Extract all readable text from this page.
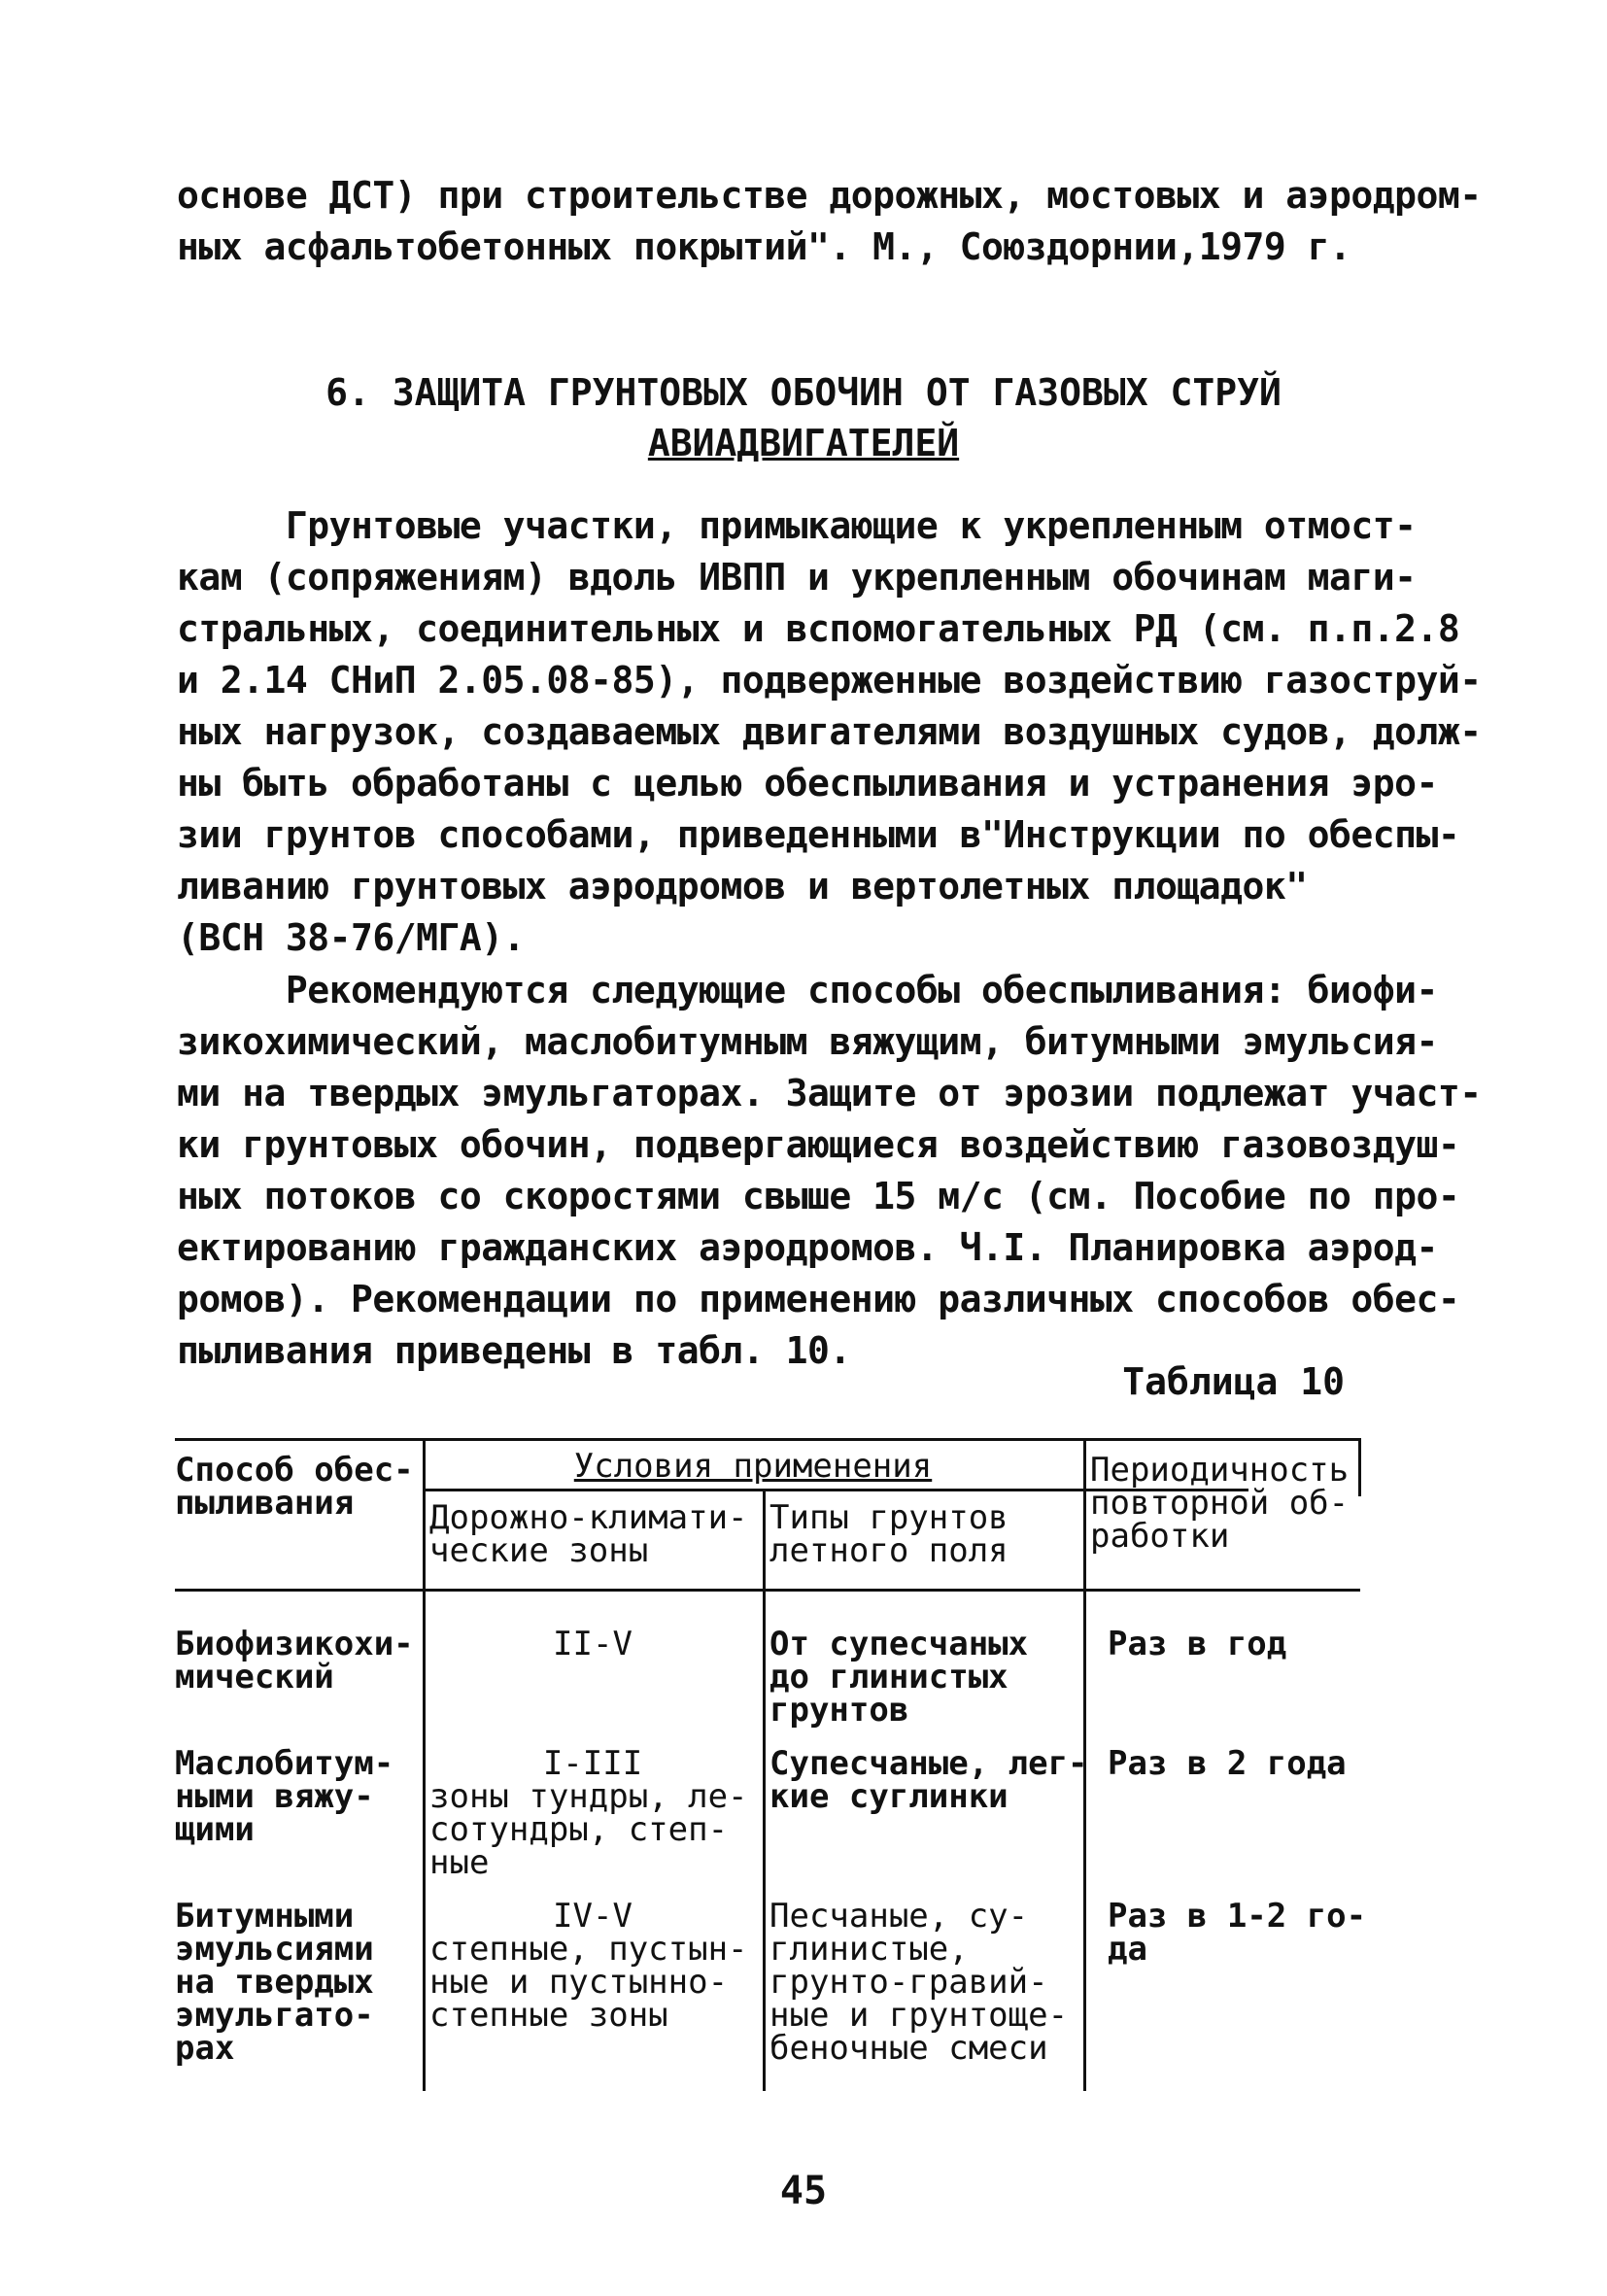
основе ДСТ) при строительстве дорожных, мостовых и аэродром-
ных асфальтобетонных покрытий". М., Союздорнии,1979 г.
6. ЗАЩИТА ГРУНТОВЫХ ОБОЧИН ОТ ГАЗОВЫХ СТРУЙ
АВИАДВИГАТЕЛЕЙ
Грунтовые участки, примыкающие к укрепленным отмост-
кам (сопряжениям) вдоль ИВПП и укрепленным обочинам маги-
стральных, соединительных и вспомогательных РД (см. п.п.2.8
и 2.14 СНиП 2.05.08-85), подверженные воздействию газоструй-
ных нагрузок, создаваемых двигателями воздушных судов, долж-
ны быть обработаны с целью обеспыливания и устранения эро-
зии грунтов способами, приведенными в"Инструкции по обеспы-
ливанию грунтовых аэродромов и вертолетных площадок"
(ВСН 38-76/МГА).
Рекомендуются следующие способы обеспыливания: биофи-
зикохимический, маслобитумным вяжущим, битумными эмульсия-
ми на твердых эмульгаторах. Защите от эрозии подлежат участ-
ки грунтовых обочин, подвергающиеся воздействию газовоздуш-
ных потоков со скоростями свыше 15 м/с (см. Пособие по про-
ектированию гражданских аэродромов. Ч.I. Планировка аэрод-
ромов). Рекомендации по применению различных способов обес-
пыливания приведены в табл. 10.
Таблица 10
Способ обес-
пыливания
Условия применения
Дорожно-климати-
ческие зоны
Типы грунтов
летного поля
Периодичность
повторной об-
работки
Биофизикохи-
мический
II-V	От супесчаных
до глинистых
грунтов
Раз в год
Маслобитум-
ными вяжу-
щими
I-III
зоны тундры, ле-
сотундры, степ-
ные
Супесчаные, лег-
кие суглинки
Раз в 2 года
Битумными
эмульсиями
на твердых
эмульгато-
рах
IV-V
степные, пустын-
ные и пустынно-
степные зоны
Песчаные, су-
глинистые,
грунто-гравий-
ные и грунтоще-
беночные смеси
Раз в 1-2 го-
да
45
